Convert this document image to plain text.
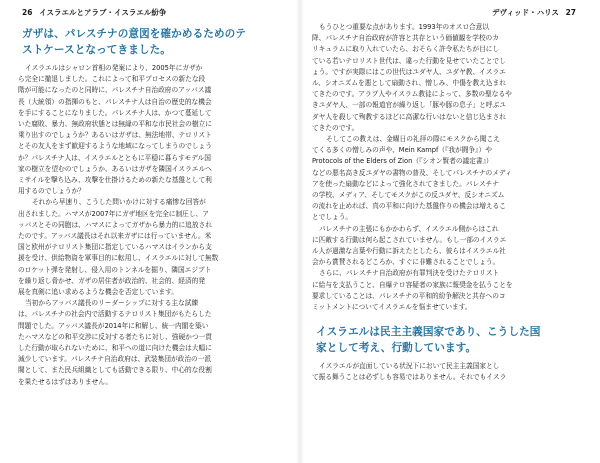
26 イスラエルとアラブ・イスラエル紛争
ガザは、パレスチナの意図を確かめるためのテ
ストケースとなってきました。

イスラエルはシャロン首相の発案により、2005年にガザか

ら完全に撤退しました。これによって和平プロセスの新たな段

階が可能になったのと同時に、パレスチナ自治政府のアッバス議

長（大統領）の指揮のもと、パレスチナ人は自治の歴史的な機会

を手にすることになりました。パレスチナ人は、かつて蔓延して

いた腐敗、暴力、無政府状態とは無縁の平和な市民社会の樹立に

乗り出すのでしょうか？あるいはガザは、無法地帯、テロリスト

とその友人をまず歓迎するような地域になってしまうのでしょう

か？パレスチナ人は、イスラエルとともに平穏に暮らすモデル国

家の樹立を望むのでしょうか、あるいはガザを隣国イスラエルへ

ミサイルを撃ち込み、攻撃を仕掛けるための新たな基盤として利

用するのでしょうか？

それから早速り、こうした問いかけに対する痛惨な回答が

出されました。ハマスが2007年にガザ地区を完全に制圧し、ア

ッバスとその同胞は、ハマスによってガザから暴力的に追放され

たのです。アッバス議長はそれ以来ガザには行っていません。米

国と欧州がテロリスト集団に指定しているハマスはイランから支

援を受け、供給物資を軍事目的に転用し、イスラエルに対して無数

のロケット弾を発射し、侵入用のトンネルを掘り、隣国エジプト

を繰り返し脅かせ、ガザの居住者が政治的、社会的、経済的発

展を真剣に追い求めるような機会を否定しています。

当初からアッバス議長のリーダーシップに対する主な試練

は、パレスチナの社会内で活動するテロリスト集団がもたらした

問題でした。アッバス議長が2014年に和解し、統一内閣を築い

たハマスなどの和平交渉に反対する者たちに対し、強硬かつ一貫

した行動が取られないために、和平への道に向けた機会は大幅に

減少しています。パレスチナ自治政府は、武装集団が政治の一派

閥として、また民兵組織としても活動できる限り、中心的な役割

を果たせるはずはありません。

デヴィッド・ハリス 27

もうひとつ重要な点があります。1993年のオスロ合意以

降、パレスチナ自治政府が許容と共存という価値観を学校のカ

リキュラムに取り入れていたら、おそらく許令私たちが目にし

ている若いテロリスト世代は、違った行動を見せていたことでし

ょう。ですが実際にはこの世代はユダヤ人、ユダヤ教、イスラエ

ル、シオニズムを悪として扇動され、憎しみ、中傷を教え込まれ

てきたのです。アラブ人やイスラム教徒によって、多数の聖なるや

きユダヤ人、一部の報道官が繰り返し「豚や豚の息子」と呼ぶユ

ダヤ人を殺して殉教するほどに高潔な行いはないと信じ込まされ

てきたのです。

そしてこの教えは、金曜日の礼拝の際にモスクから聞こえ

てくる多くの憎しみの声や、Mein Kampf（『我が闘争』）や

Protocols of the Elders of Zion（『シオン賢者の議定書』）

などの悪名高き反ユダヤの書物の普及、そしてパレスチナのメディ

アを使った扇動などによって強化されてきました。パレスチナ

の学校、メディア、そしてモスクがこの反ユダヤ、反シオニズム

の流れを止めれば、真の平和に向けた基盤作りの機会は増えるこ

とでしょう。

パレスチナの主張にもかかわらず、イスラエル側からはこれ

に匹敵する行動は何ら起こされていません。もし一部のイスラエ

ル人が過激な言葉や行動に訴えたとしたら、彼らはイスラエル社

会から賞賛されるどころか、すぐに非難されることでしょう。

さらに、パレスチナ自治政府が有罪判決を受けたテロリスト

に給与を支払うこと、自爆テロ容疑者の家族に報奨金を払うことを

要求していることは、パレスチナの平和的紛争解決と共存へのコ

ミットメントについてイスラエルを悩ませています。

イスラエルは民主主義国家であり、こうした国
家として考え、行動しています。

イスラエルが直面している状況下において民主主義国家とし

て振る舞うことは必ずしも容易ではありません。それでもイスラ
